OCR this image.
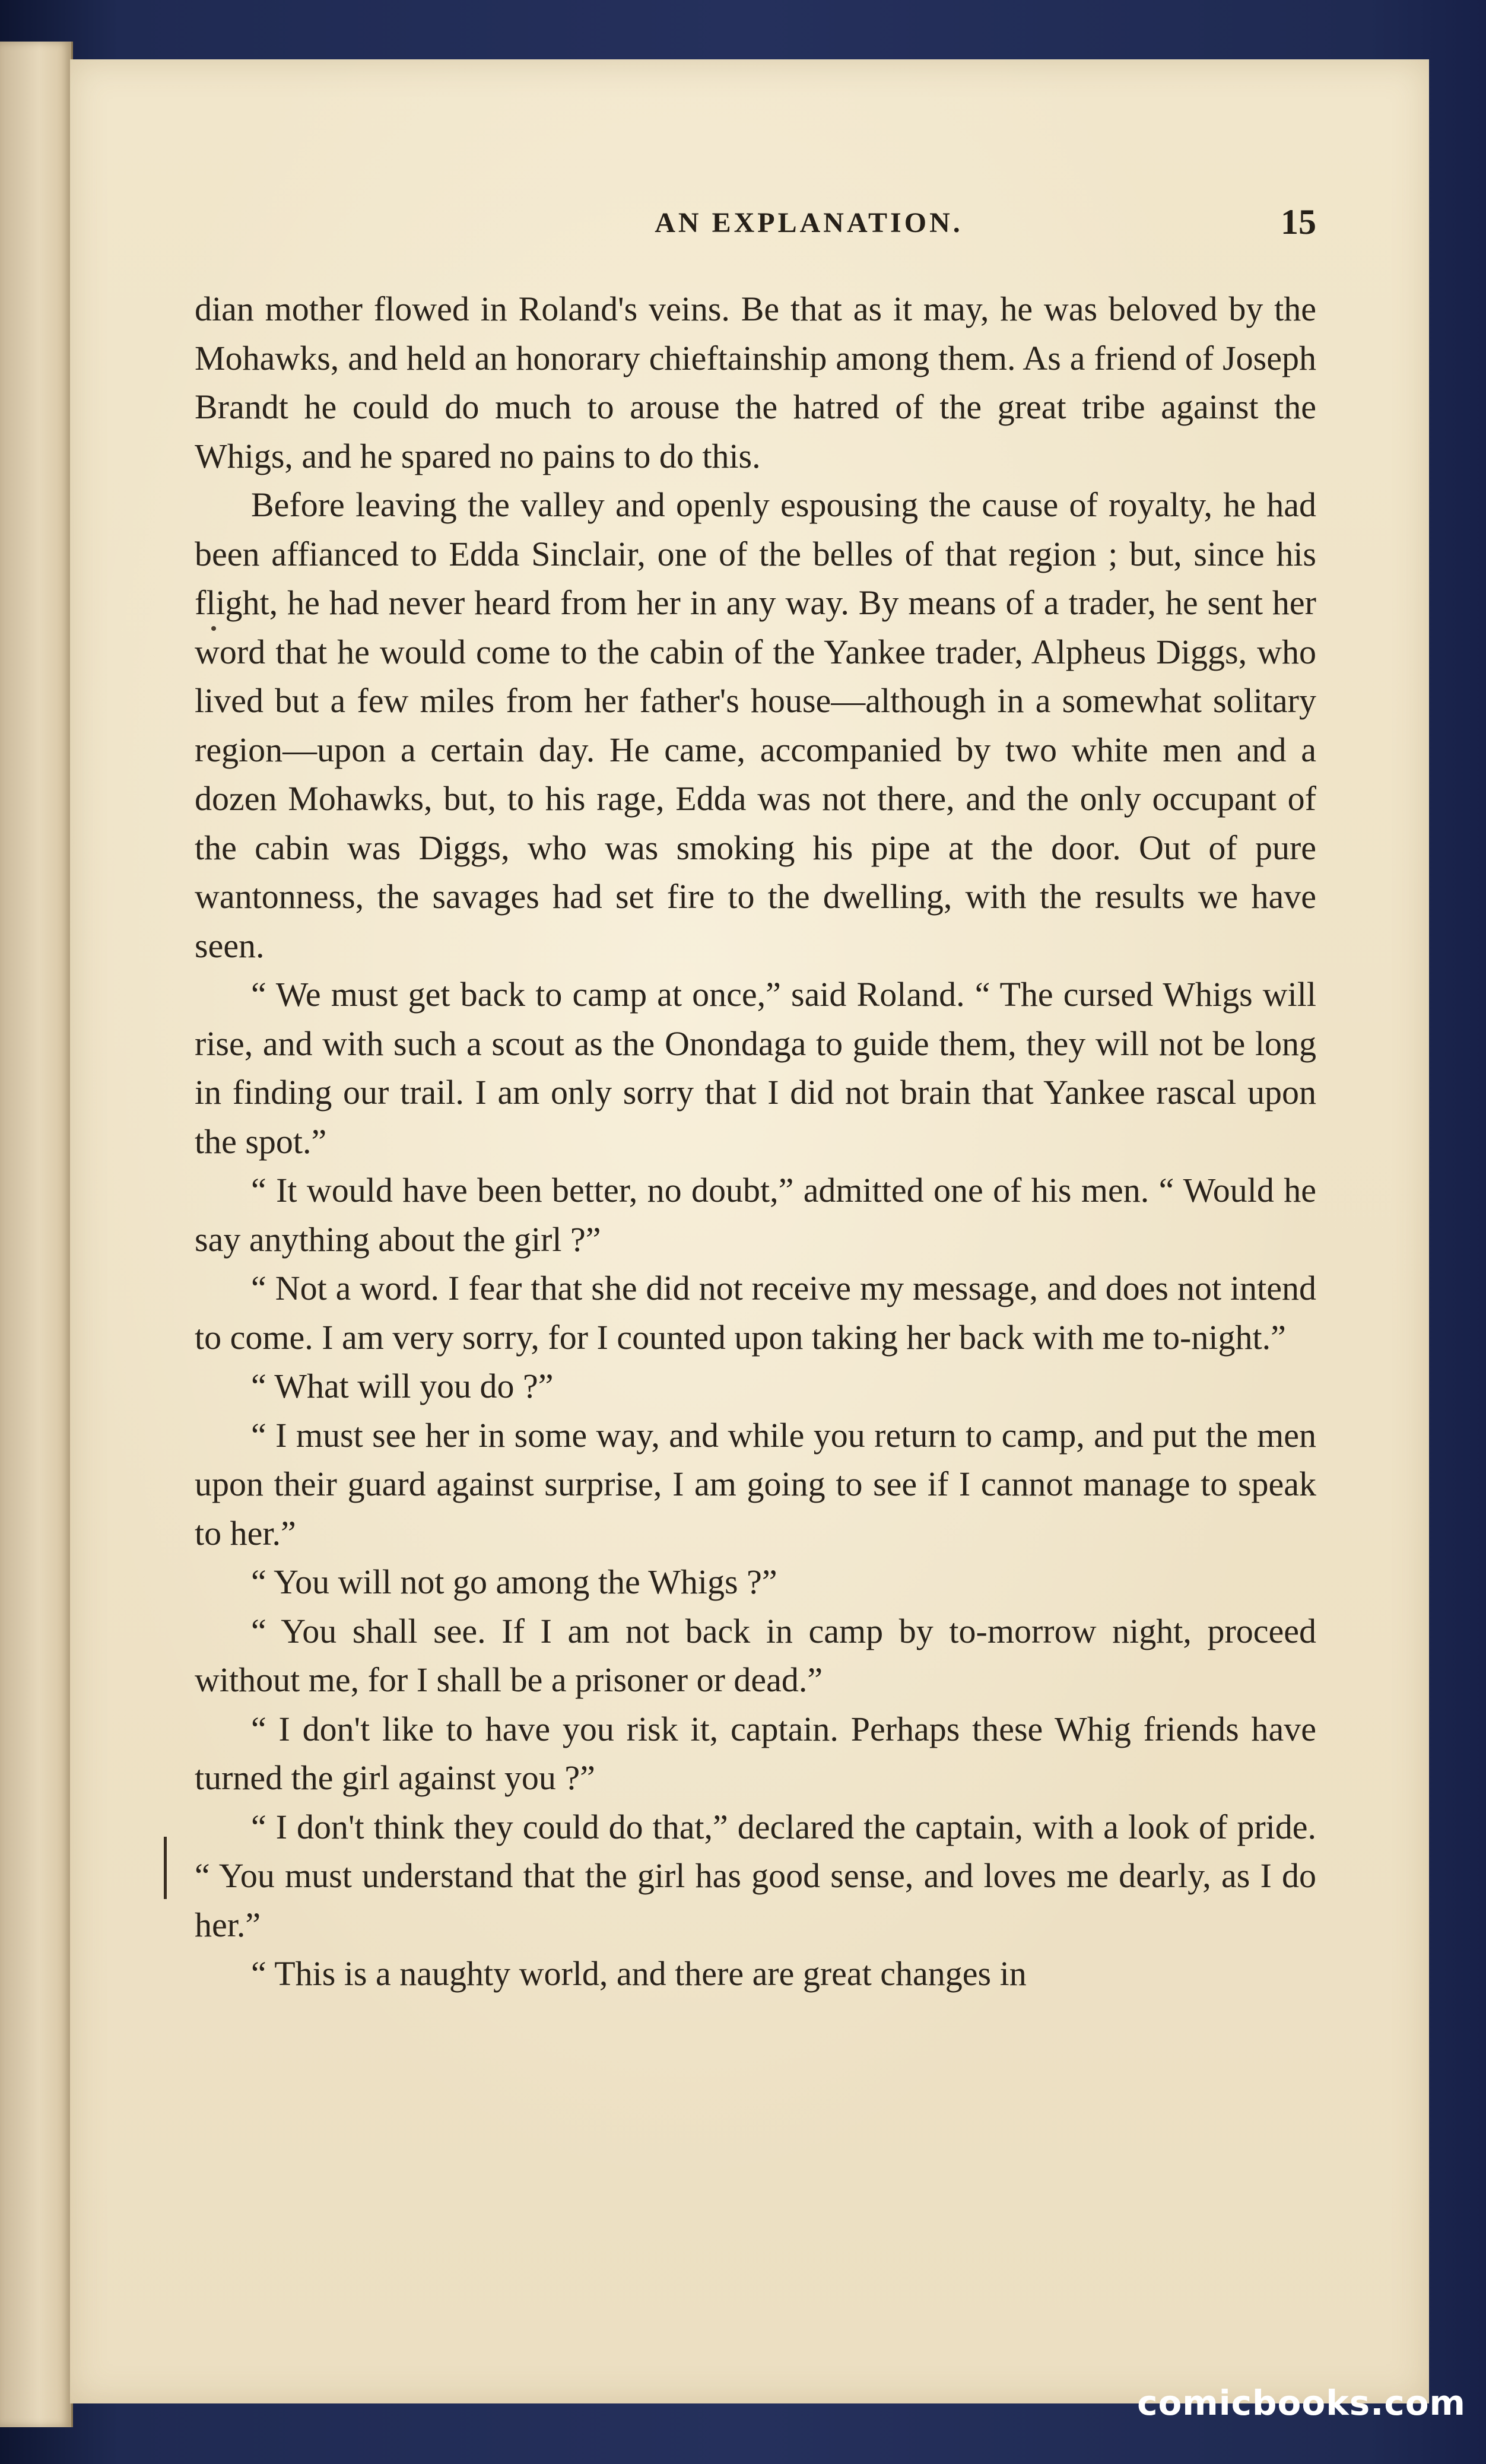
AN EXPLANATION.	15

dian mother flowed in Roland's veins. Be that as it may, he was beloved by the Mohawks, and held an honorary chieftainship among them. As a friend of Joseph Brandt he could do much to arouse the hatred of the great tribe against the Whigs, and he spared no pains to do this.

Before leaving the valley and openly espousing the cause of royalty, he had been affianced to Edda Sinclair, one of the belles of that region ; but, since his flight, he had never heard from her in any way. By means of a trader, he sent her word that he would come to the cabin of the Yankee trader, Alpheus Diggs, who lived but a few miles from her father's house—although in a somewhat solitary region—upon a certain day. He came, accompanied by two white men and a dozen Mohawks, but, to his rage, Edda was not there, and the only occupant of the cabin was Diggs, who was smoking his pipe at the door. Out of pure wantonness, the savages had set fire to the dwelling, with the results we have seen.

“ We must get back to camp at once,” said Roland. “ The cursed Whigs will rise, and with such a scout as the Onondaga to guide them, they will not be long in finding our trail. I am only sorry that I did not brain that Yankee rascal upon the spot.”

“ It would have been better, no doubt,” admitted one of his men. “ Would he say anything about the girl ?”

“ Not a word. I fear that she did not receive my message, and does not intend to come. I am very sorry, for I counted upon taking her back with me to-night.”

“ What will you do ?”

“ I must see her in some way, and while you return to camp, and put the men upon their guard against surprise, I am going to see if I cannot manage to speak to her.”

“ You will not go among the Whigs ?”

“ You shall see. If I am not back in camp by to-morrow night, proceed without me, for I shall be a prisoner or dead.”

“ I don't like to have you risk it, captain. Perhaps these Whig friends have turned the girl against you ?”

“ I don't think they could do that,” declared the captain, with a look of pride. “ You must understand that the girl has good sense, and loves me dearly, as I do her.”

“ This is a naughty world, and there are great changes in

comicbooks.com
